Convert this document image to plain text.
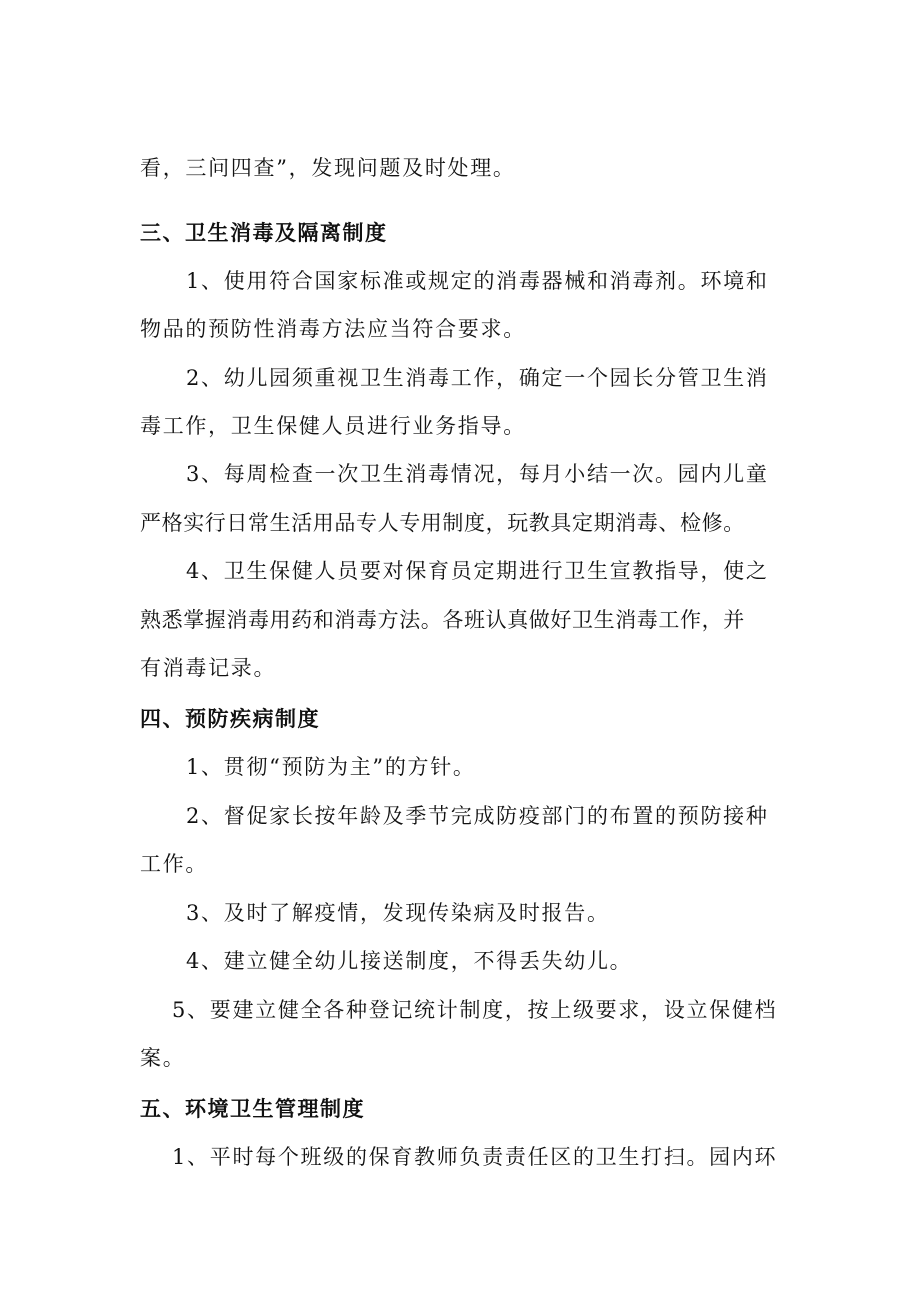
看，三问四查”，发现问题及时处理。
三、卫生消毒及隔离制度
1、使用符合国家标准或规定的消毒器械和消毒剂。环境和
物品的预防性消毒方法应当符合要求。
2、幼儿园须重视卫生消毒工作，确定一个园长分管卫生消
毒工作，卫生保健人员进行业务指导。
3、每周检查一次卫生消毒情况，每月小结一次。园内儿童
严格实行日常生活用品专人专用制度，玩教具定期消毒、检修。
4、卫生保健人员要对保育员定期进行卫生宣教指导，使之
熟悉掌握消毒用药和消毒方法。各班认真做好卫生消毒工作，并
有消毒记录。
四、预防疾病制度
1、贯彻“预防为主”的方针。
2、督促家长按年龄及季节完成防疫部门的布置的预防接种
工作。
3、及时了解疫情，发现传染病及时报告。
4、建立健全幼儿接送制度，不得丢失幼儿。
5、要建立健全各种登记统计制度，按上级要求，设立保健档
案。
五、环境卫生管理制度
1、平时每个班级的保育教师负责责任区的卫生打扫。园内环
